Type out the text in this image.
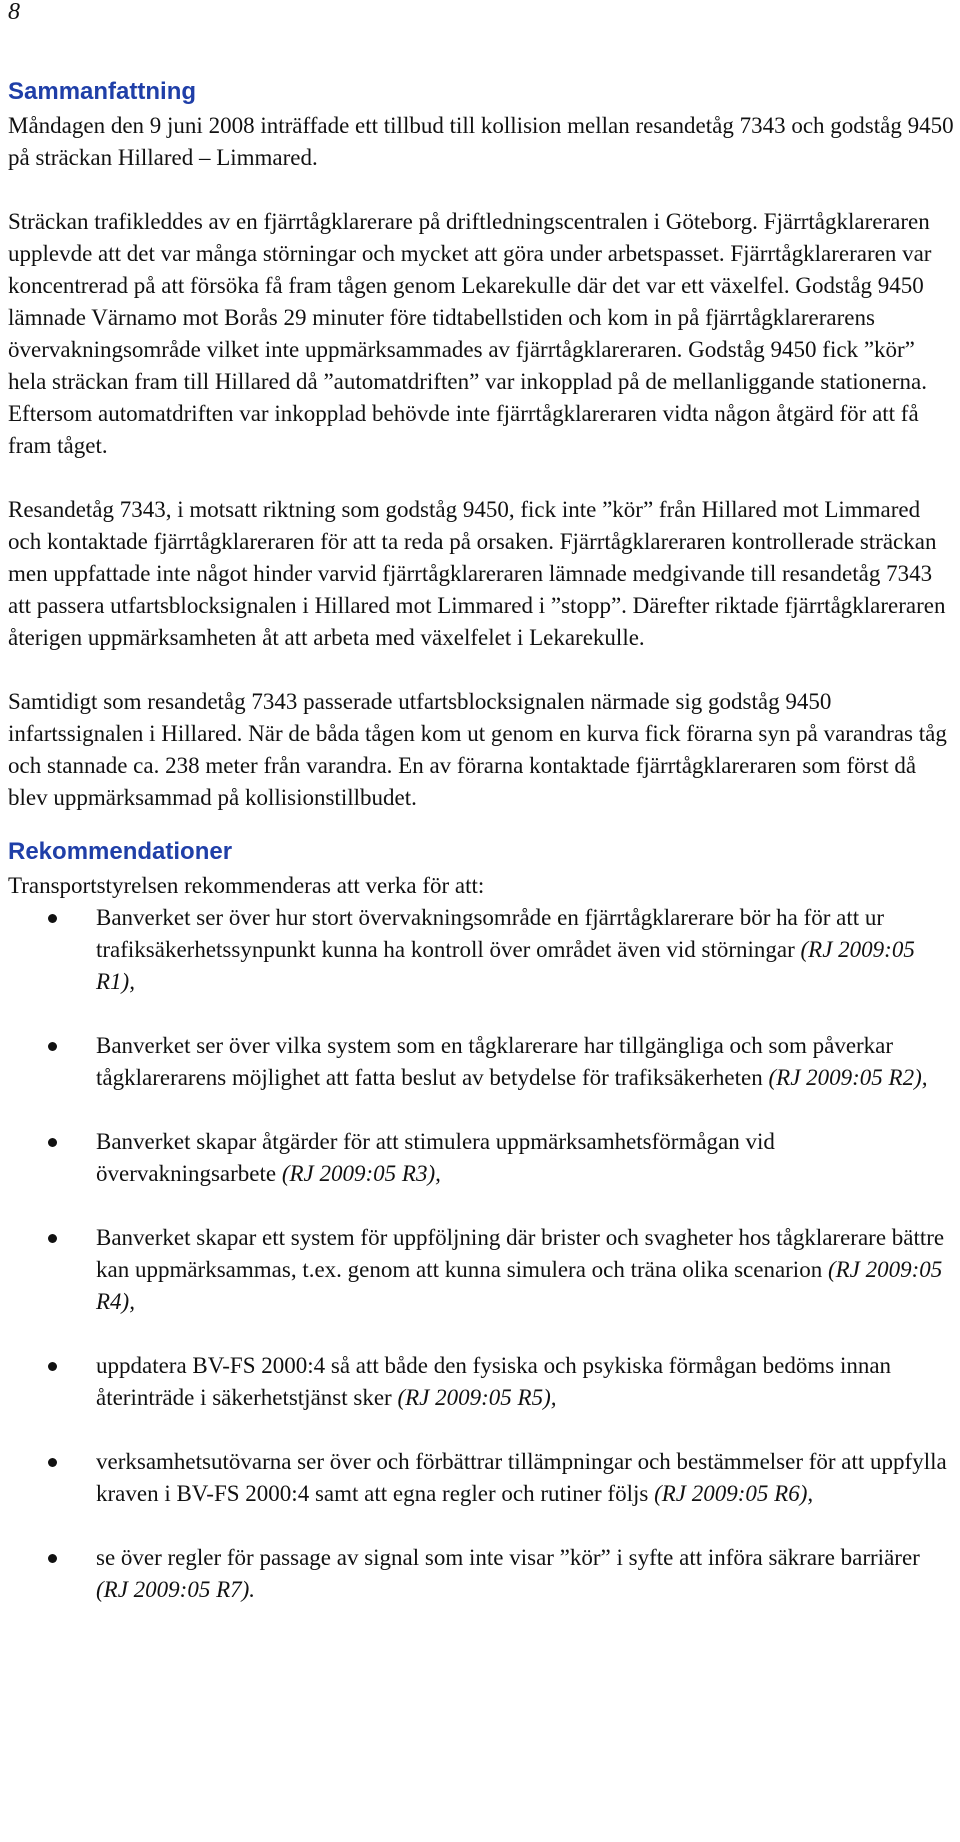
8
Sammanfattning

Måndagen den 9 juni 2008 inträffade ett tillbud till kollision mellan resandetåg 7343 och godståg 9450 på sträckan Hillared – Limmared.

Sträckan trafikleddes av en fjärrtågklarerare på driftledningscentralen i Göteborg. Fjärrtågklareraren upplevde att det var många störningar och mycket att göra under arbetspasset. Fjärrtågklareraren var koncentrerad på att försöka få fram tågen genom Lekarekulle där det var ett växelfel. Godståg 9450 lämnade Värnamo mot Borås 29 minuter före tidtabellstiden och kom in på fjärrtågklarerarens övervakningsområde vilket inte uppmärksammades av fjärrtågklareraren. Godståg 9450 fick ”kör” hela sträckan fram till Hillared då ”automatdriften” var inkopplad på de mellanliggande stationerna. Eftersom automatdriften var inkopplad behövde inte fjärrtågklareraren vidta någon åtgärd för att få fram tåget.

Resandetåg 7343, i motsatt riktning som godståg 9450, fick inte ”kör” från Hillared mot Limmared och kontaktade fjärrtågklareraren för att ta reda på orsaken. Fjärrtågklareraren kontrollerade sträckan men uppfattade inte något hinder varvid fjärrtågklareraren lämnade medgivande till resandetåg 7343 att passera utfartsblocksignalen i Hillared mot Limmared i ”stopp”. Därefter riktade fjärrtågklareraren återigen uppmärksamheten åt att arbeta med växelfelet i Lekarekulle.

Samtidigt som resandetåg 7343 passerade utfartsblocksignalen närmade sig godståg 9450 infartssignalen i Hillared. När de båda tågen kom ut genom en kurva fick förarna syn på varandras tåg och stannade ca. 238 meter från varandra. En av förarna kontaktade fjärrtågklareraren som först då blev uppmärksammad på kollisionstillbudet.

Rekommendationer

Transportstyrelsen rekommenderas att verka för att:

Banverket ser över hur stort övervakningsområde en fjärrtågklarerare bör ha för att ur trafiksäkerhetssynpunkt kunna ha kontroll över området även vid störningar (RJ 2009:05 R1),
Banverket ser över vilka system som en tågklarerare har tillgängliga och som påverkar tågklarerarens möjlighet att fatta beslut av betydelse för trafiksäkerheten (RJ 2009:05 R2),
Banverket skapar åtgärder för att stimulera uppmärksamhetsförmågan vid övervakningsarbete (RJ 2009:05 R3),
Banverket skapar ett system för uppföljning där brister och svagheter hos tågklarerare bättre kan uppmärksammas, t.ex. genom att kunna simulera och träna olika scenarion (RJ 2009:05 R4),
uppdatera BV-FS 2000:4 så att både den fysiska och psykiska förmågan bedöms innan återinträde i säkerhetstjänst sker (RJ 2009:05 R5),
verksamhetsutövarna ser över och förbättrar tillämpningar och bestämmelser för att uppfylla kraven i BV-FS 2000:4 samt att egna regler och rutiner följs (RJ 2009:05 R6),
se över regler för passage av signal som inte visar ”kör” i syfte att införa säkrare barriärer (RJ 2009:05 R7).
